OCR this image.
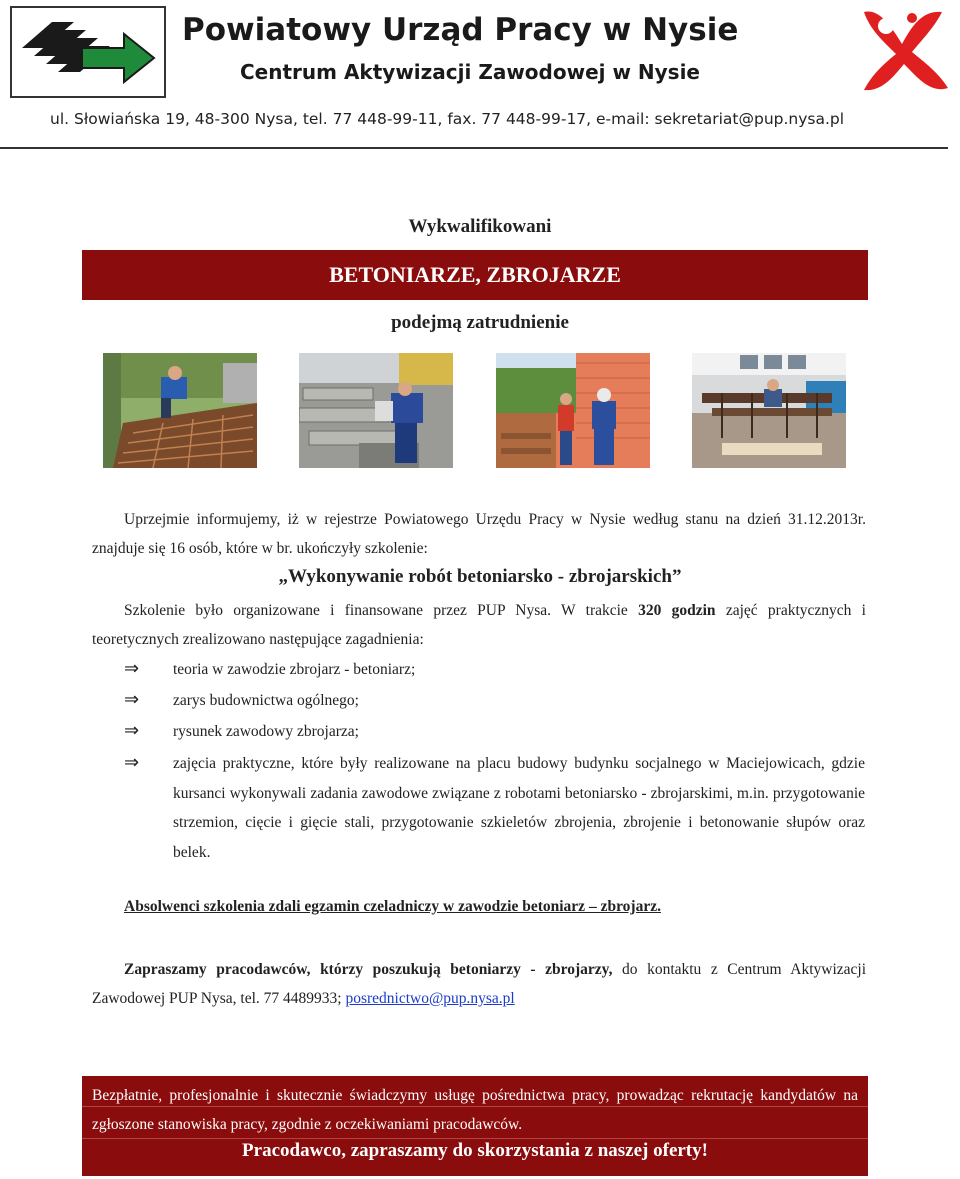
Powiatowy Urząd Pracy w Nysie
Centrum Aktywizacji Zawodowej w Nysie
ul. Słowiańska 19, 48-300 Nysa, tel. 77 448-99-11, fax. 77 448-99-17, e-mail: sekretariat@pup.nysa.pl
Wykwalifikowani
BETONIARZE, ZBROJARZE
podejmą zatrudnienie
Uprzejmie informujemy, iż w rejestrze Powiatowego Urzędu Pracy w Nysie według stanu na dzień 31.12.2013r. znajduje się 16 osób, które w br. ukończyły szkolenie:
„Wykonywanie robót betoniarsko - zbrojarskich”
Szkolenie było organizowane i finansowane przez PUP Nysa. W trakcie 320 godzin zajęć praktycznych i teoretycznych zrealizowano następujące zagadnienia:
⇒ teoria w zawodzie zbrojarz - betoniarz;
⇒ zarys budownictwa ogólnego;
⇒ rysunek zawodowy zbrojarza;
⇒ zajęcia praktyczne, które były realizowane na placu budowy budynku socjalnego w Maciejowicach, gdzie kursanci wykonywali zadania zawodowe związane z robotami betoniarsko - zbrojarskimi, m.in. przygotowanie strzemion, cięcie i gięcie stali, przygotowanie szkieletów zbrojenia, zbrojenie i betonowanie słupów oraz belek.
Absolwenci szkolenia zdali egzamin czeladniczy w zawodzie betoniarz – zbrojarz.
Zapraszamy pracodawców, którzy poszukują betoniarzy - zbrojarzy, do kontaktu z Centrum Aktywizacji Zawodowej PUP Nysa, tel. 77 4489933; posrednictwo@pup.nysa.pl
Bezpłatnie, profesjonalnie i skutecznie świadczymy usługę pośrednictwa pracy, prowadząc rekrutację kandydatów na zgłoszone stanowiska pracy, zgodnie z oczekiwaniami pracodawców.
Pracodawco, zapraszamy do skorzystania z naszej oferty!
